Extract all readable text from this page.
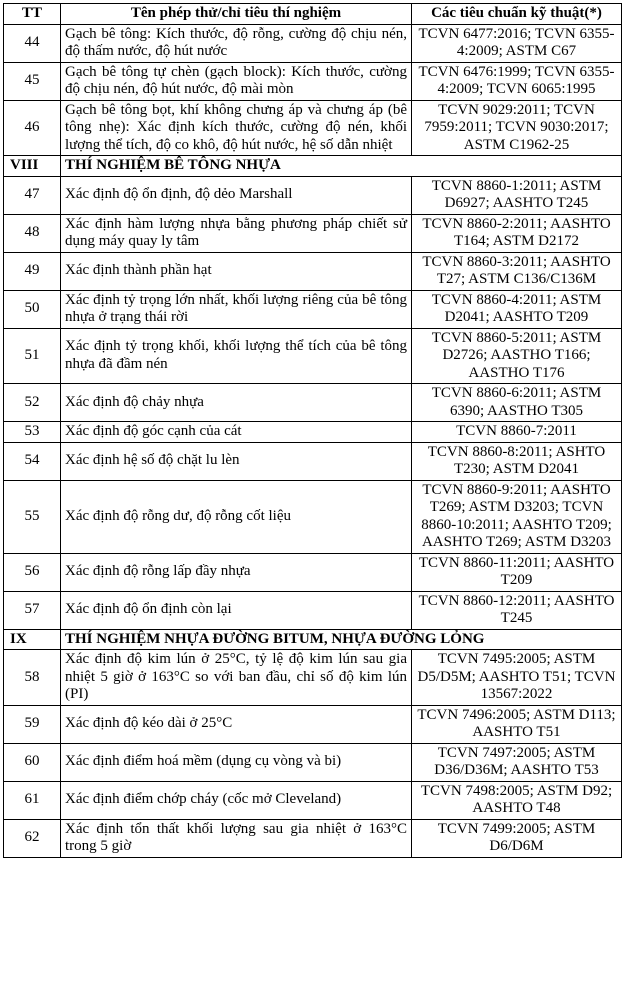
TT	Tên phép thử/chỉ tiêu thí nghiệm	Các tiêu chuẩn kỹ thuật(*)
44	Gạch bê tông: Kích thước, độ rỗng, cường độ chịu nén, độ thấm nước, độ hút nước	TCVN 6477:2016; TCVN 6355-4:2009; ASTM C67
45	Gạch bê tông tự chèn (gạch block): Kích thước, cường độ chịu nén, độ hút nước, độ mài mòn	TCVN 6476:1999; TCVN 6355-4:2009; TCVN 6065:1995
46	Gạch bê tông bọt, khí không chưng áp và chưng áp (bê tông nhẹ): Xác định kích thước, cường độ nén, khối lượng thể tích, độ co khô, độ hút nước, hệ số dẫn nhiệt	TCVN 9029:2011; TCVN 7959:2011; TCVN 9030:2017; ASTM C1962-25
VIII	THÍ NGHIỆM BÊ TÔNG NHỰA	
47	Xác định độ ổn định, độ dẻo Marshall	TCVN 8860-1:2011; ASTM D6927; AASHTO T245
48	Xác định hàm lượng nhựa bằng phương pháp chiết sử dụng máy quay ly tâm	TCVN 8860-2:2011; AASHTO T164; ASTM D2172
49	Xác định thành phần hạt	TCVN 8860-3:2011; AASHTO T27; ASTM C136/C136M
50	Xác định tỷ trọng lớn nhất, khối lượng riêng của bê tông nhựa ở trạng thái rời	TCVN 8860-4:2011; ASTM D2041; AASHTO T209
51	Xác định tỷ trọng khối, khối lượng thể tích của bê tông nhựa đã đầm nén	TCVN 8860-5:2011; ASTM D2726; AASTHO T166; AASTHO T176
52	Xác định độ chảy nhựa	TCVN 8860-6:2011; ASTM 6390; AASTHO T305
53	Xác định độ góc cạnh của cát	TCVN 8860-7:2011
54	Xác định hệ số độ chặt lu lèn	TCVN 8860-8:2011; ASHTO T230; ASTM D2041
55	Xác định độ rỗng dư, độ rỗng cốt liệu	TCVN 8860-9:2011; AASHTO T269; ASTM D3203; TCVN 8860-10:2011; AASHTO T209; AASHTO T269; ASTM D3203
56	Xác định độ rỗng lấp đầy nhựa	TCVN 8860-11:2011; AASHTO T209
57	Xác định độ ổn định còn lại	TCVN 8860-12:2011; AASHTO T245
IX	THÍ NGHIỆM NHỰA ĐƯỜNG BITUM, NHỰA ĐƯỜNG LỎNG	
58	Xác định độ kim lún ở 25°C, tỷ lệ độ kim lún sau gia nhiệt 5 giờ ở 163°C so với ban đầu, chỉ số độ kim lún (PI)	TCVN 7495:2005; ASTM D5/D5M; AASHTO T51; TCVN 13567:2022
59	Xác định độ kéo dài ở 25°C	TCVN 7496:2005; ASTM D113; AASHTO T51
60	Xác định điểm hoá mềm (dụng cụ vòng và bi)	TCVN 7497:2005; ASTM D36/D36M; AASHTO T53
61	Xác định điểm chớp cháy (cốc mở Cleveland)	TCVN 7498:2005; ASTM D92; AASHTO T48
62	Xác định tổn thất khối lượng sau gia nhiệt ở 163°C trong 5 giờ	TCVN 7499:2005; ASTM D6/D6M
